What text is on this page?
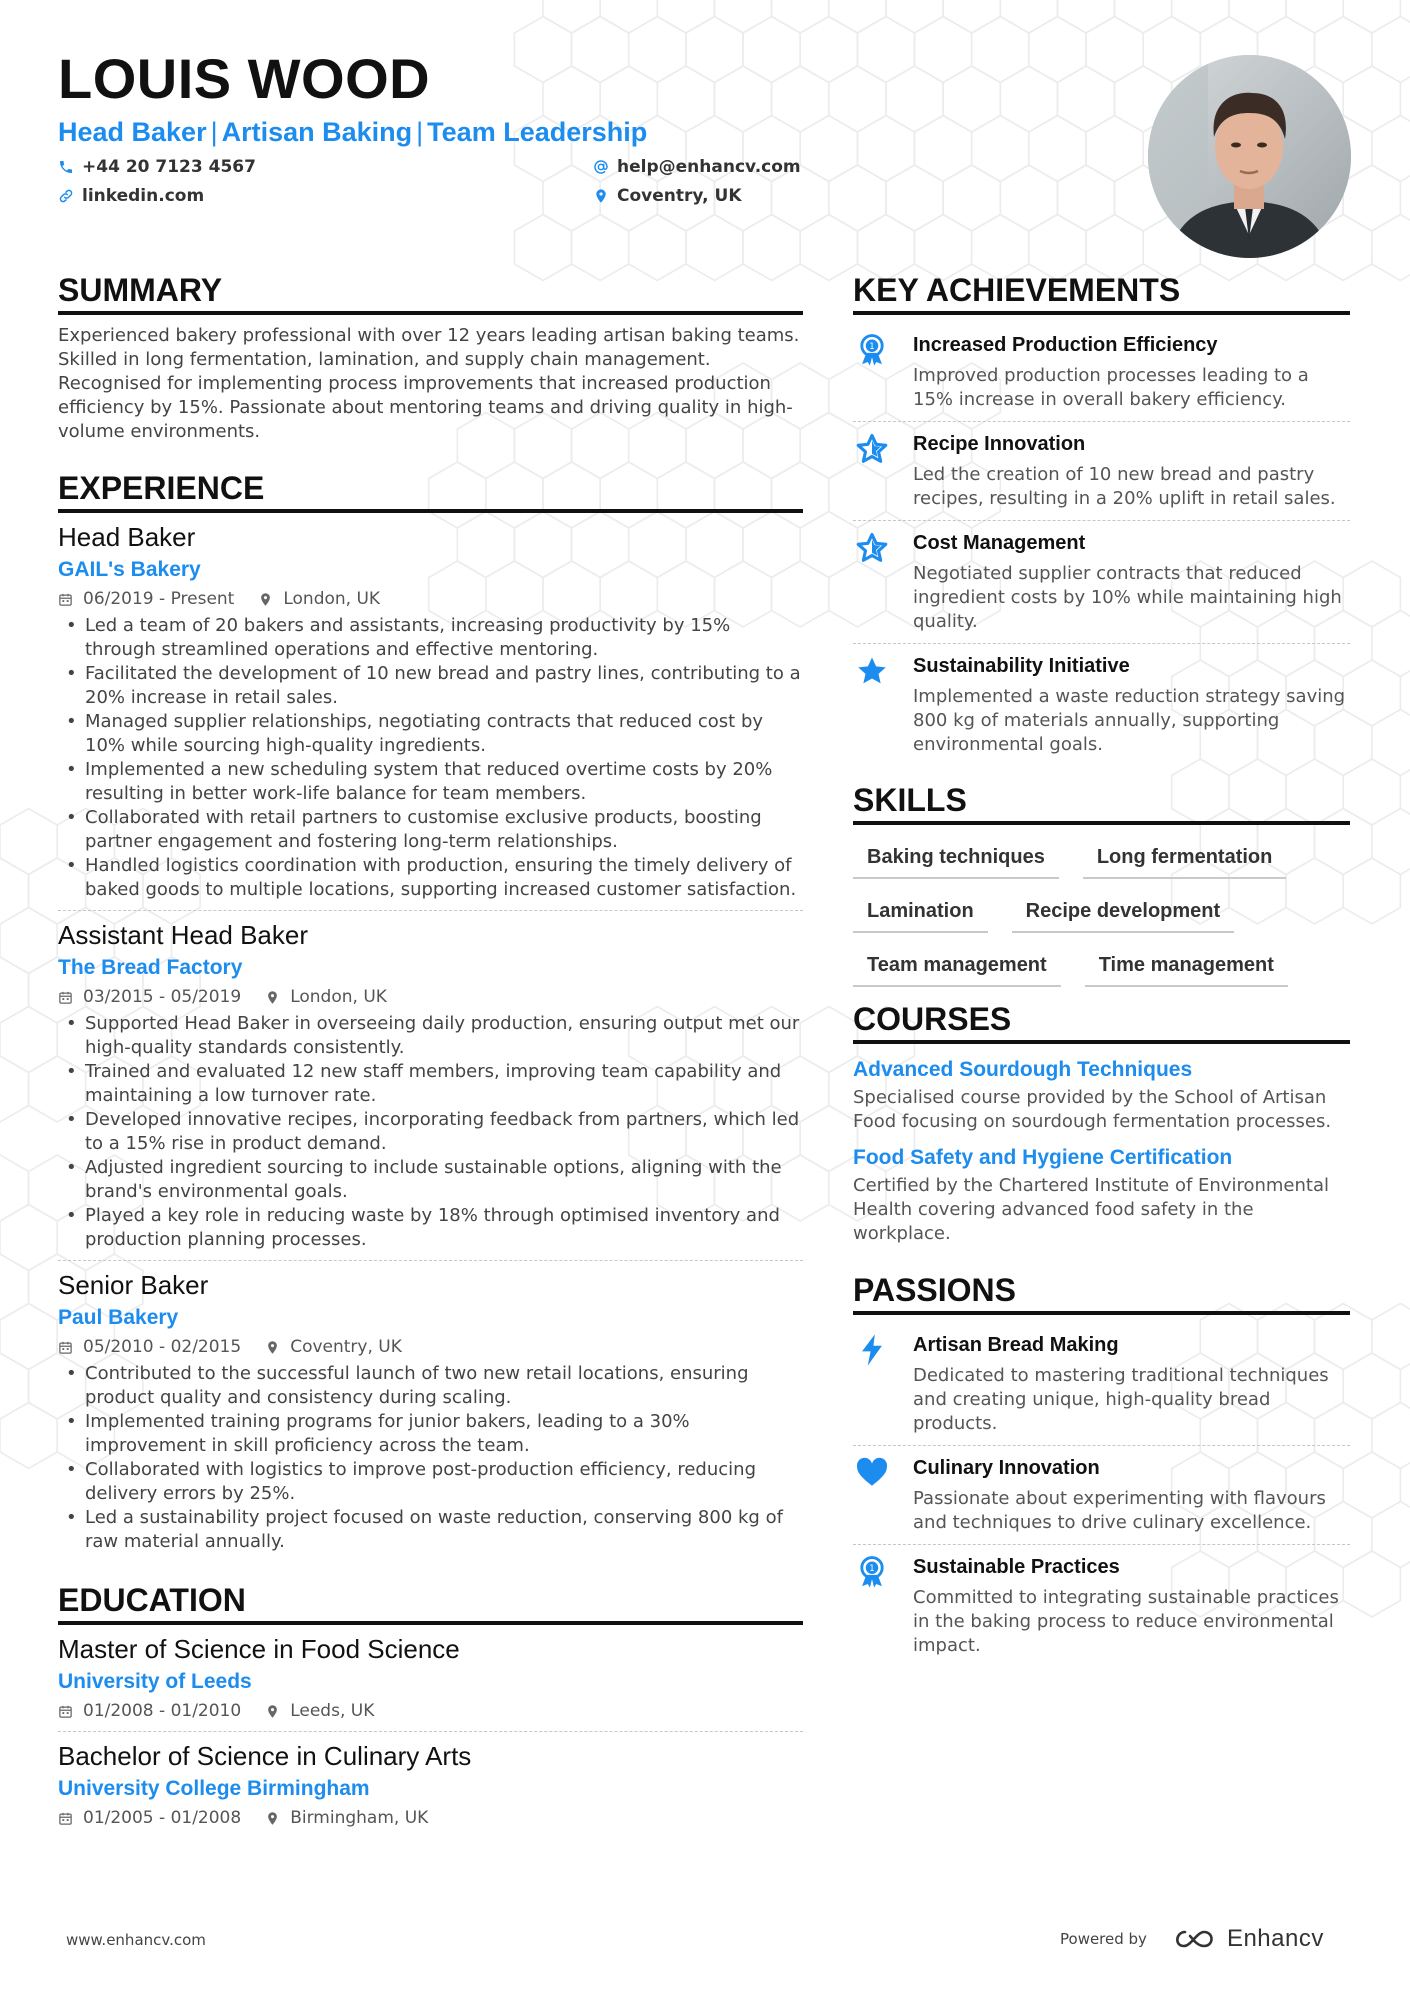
LOUIS WOOD
Head Baker | Artisan Baking | Team Leadership
+44 20 7123 4567	help@enhancv.com
linkedin.com	Coventry, UK
SUMMARY
Experienced bakery professional with over 12 years leading artisan baking teams. Skilled in long fermentation, lamination, and supply chain management. Recognised for implementing process improvements that increased production efficiency by 15%. Passionate about mentoring teams and driving quality in high-volume environments.
EXPERIENCE
Head Baker
GAIL's Bakery
06/2019 - Present	London, UK
• Led a team of 20 bakers and assistants, increasing productivity by 15% through streamlined operations and effective mentoring.
• Facilitated the development of 10 new bread and pastry lines, contributing to a 20% increase in retail sales.
• Managed supplier relationships, negotiating contracts that reduced cost by 10% while sourcing high-quality ingredients.
• Implemented a new scheduling system that reduced overtime costs by 20% resulting in better work-life balance for team members.
• Collaborated with retail partners to customise exclusive products, boosting partner engagement and fostering long-term relationships.
• Handled logistics coordination with production, ensuring the timely delivery of baked goods to multiple locations, supporting increased customer satisfaction.
Assistant Head Baker
The Bread Factory
03/2015 - 05/2019	London, UK
• Supported Head Baker in overseeing daily production, ensuring output met our high-quality standards consistently.
• Trained and evaluated 12 new staff members, improving team capability and maintaining a low turnover rate.
• Developed innovative recipes, incorporating feedback from partners, which led to a 15% rise in product demand.
• Adjusted ingredient sourcing to include sustainable options, aligning with the brand's environmental goals.
• Played a key role in reducing waste by 18% through optimised inventory and production planning processes.
Senior Baker
Paul Bakery
05/2010 - 02/2015	Coventry, UK
• Contributed to the successful launch of two new retail locations, ensuring product quality and consistency during scaling.
• Implemented training programs for junior bakers, leading to a 30% improvement in skill proficiency across the team.
• Collaborated with logistics to improve post-production efficiency, reducing delivery errors by 25%.
• Led a sustainability project focused on waste reduction, conserving 800 kg of raw material annually.
EDUCATION
Master of Science in Food Science
University of Leeds
01/2008 - 01/2010	Leeds, UK
Bachelor of Science in Culinary Arts
University College Birmingham
01/2005 - 01/2008	Birmingham, UK
KEY ACHIEVEMENTS
1 Increased Production Efficiency
Improved production processes leading to a 15% increase in overall bakery efficiency.
Recipe Innovation
Led the creation of 10 new bread and pastry recipes, resulting in a 20% uplift in retail sales.
Cost Management
Negotiated supplier contracts that reduced ingredient costs by 10% while maintaining high quality.
Sustainability Initiative
Implemented a waste reduction strategy saving 800 kg of materials annually, supporting environmental goals.
SKILLS
Baking techniques	Long fermentation
Lamination	Recipe development
Team management	Time management
COURSES
Advanced Sourdough Techniques
Specialised course provided by the School of Artisan Food focusing on sourdough fermentation processes.
Food Safety and Hygiene Certification
Certified by the Chartered Institute of Environmental Health covering advanced food safety in the workplace.
PASSIONS
Artisan Bread Making
Dedicated to mastering traditional techniques and creating unique, high-quality bread products.
Culinary Innovation
Passionate about experimenting with flavours and techniques to drive culinary excellence.
1 Sustainable Practices
Committed to integrating sustainable practices in the baking process to reduce environmental impact.
www.enhancv.com	Powered by	Enhancv
